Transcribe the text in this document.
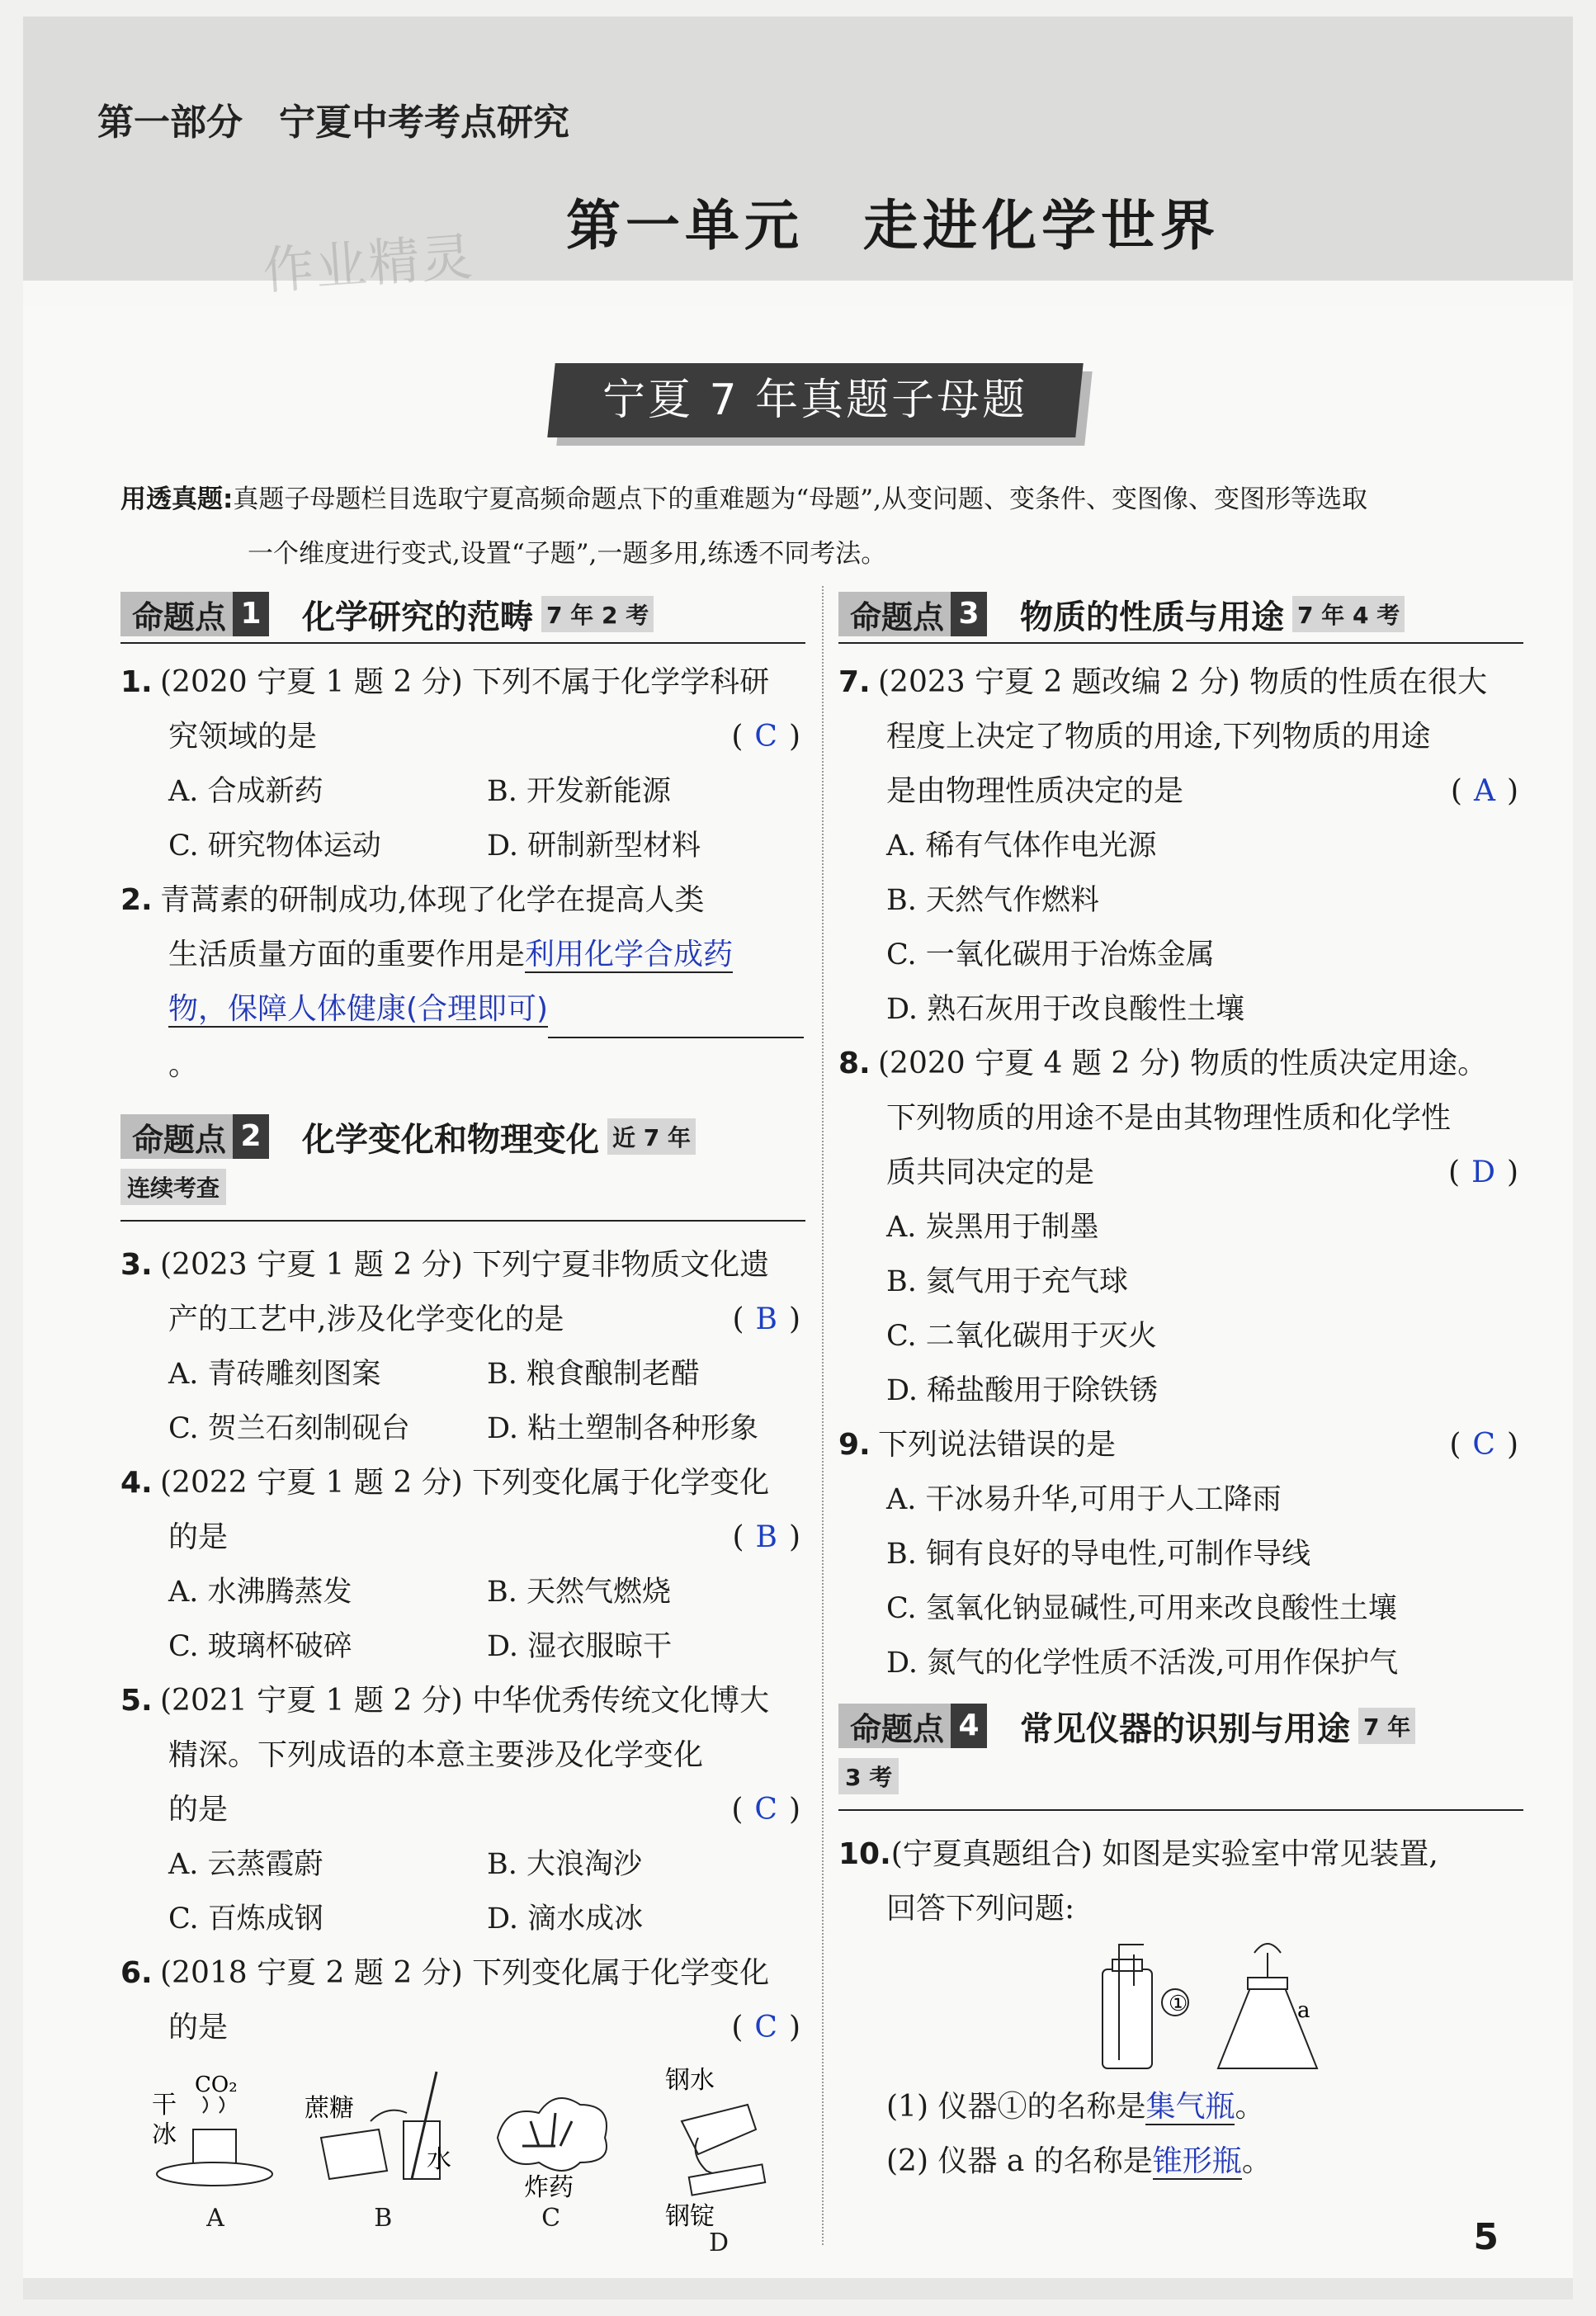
第一部分　宁夏中考考点研究
第一单元　走进化学世界
作业精灵
宁夏 7 年真题子母题
用透真题:真题子母题栏目选取宁夏高频命题点下的重难题为“母题”,从变问题、变条件、变图像、变图形等选取
一个维度进行变式,设置“子题”,一题多用,练透不同考法。
命题点 1 化学研究的范畴 7 年 2 考
1. (2020 宁夏 1 题 2 分) 下列不属于化学学科研
究领域的是	( C )
A. 合成新药	B. 开发新能源
C. 研究物体运动	D. 研制新型材料
2. 青蒿素的研制成功,体现了化学在提高人类
生活质量方面的重要作用是利用化学合成药
物，保障人体健康(合理即可) 。
命题点 2 化学变化和物理变化 近 7 年
连续考查
3. (2023 宁夏 1 题 2 分) 下列宁夏非物质文化遗
产的工艺中,涉及化学变化的是	( B )
A. 青砖雕刻图案	B. 粮食酿制老醋
C. 贺兰石刻制砚台	D. 粘土塑制各种形象
4. (2022 宁夏 1 题 2 分) 下列变化属于化学变化
的是	( B )
A. 水沸腾蒸发	B. 天然气燃烧
C. 玻璃杯破碎	D. 湿衣服晾干
5. (2021 宁夏 1 题 2 分) 中华优秀传统文化博大
精深。下列成语的本意主要涉及化学变化
的是	( C )
A. 云蒸霞蔚	B. 大浪淘沙
C. 百炼成钢	D. 滴水成冰
6. (2018 宁夏 2 题 2 分) 下列变化属于化学变化
的是	( C )
干
冰
CO₂
A
蔗糖
水
B
炸药
C
钢水
钢锭
D
命题点 3 物质的性质与用途 7 年 4 考
7. (2023 宁夏 2 题改编 2 分) 物质的性质在很大
程度上决定了物质的用途,下列物质的用途
是由物理性质决定的是	( A )
A. 稀有气体作电光源
B. 天然气作燃料
C. 一氧化碳用于冶炼金属
D. 熟石灰用于改良酸性土壤
8. (2020 宁夏 4 题 2 分) 物质的性质决定用途。
下列物质的用途不是由其物理性质和化学性
质共同决定的是	( D )
A. 炭黑用于制墨
B. 氦气用于充气球
C. 二氧化碳用于灭火
D. 稀盐酸用于除铁锈
9. 下列说法错误的是	( C )
A. 干冰易升华,可用于人工降雨
B. 铜有良好的导电性,可制作导线
C. 氢氧化钠显碱性,可用来改良酸性土壤
D. 氮气的化学性质不活泼,可用作保护气
命题点 4 常见仪器的识别与用途 7 年
3 考
10.(宁夏真题组合) 如图是实验室中常见装置,
回答下列问题:
①	a
(1) 仪器①的名称是集气瓶。
(2) 仪器 a 的名称是锥形瓶。
5
